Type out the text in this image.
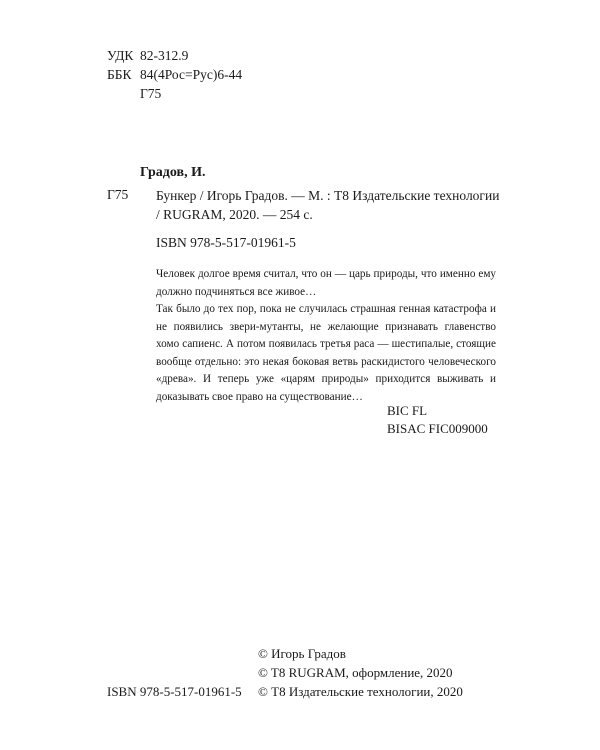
УДК 82-312.9
ББК 84(4Рос=Рус)6-44
Г75
Градов, И.
Г75 Бункер / Игорь Градов. — М. : Т8 Издательские технологии / RUGRAM, 2020. — 254 с.
ISBN 978-5-517-01961-5

Человек долгое время считал, что он — царь природы, что именно ему должно подчиняться все живое…

Так было до тех пор, пока не случилась страшная генная катастрофа и не появились звери-мутанты, не желающие признавать главенство хомо сапиенс. А потом появилась третья раса — шестипалые, стоящие вообще отдельно: это некая боковая ветвь раскидистого человеческого «древа». И теперь уже «царям природы» приходится выживать и доказывать свое право на существование…

BIC FL
BISAC FIC009000
© Игорь Градов
© T8 RUGRAM, оформление, 2020
© Т8 Издательские технологии, 2020
ISBN 978-5-517-01961-5
